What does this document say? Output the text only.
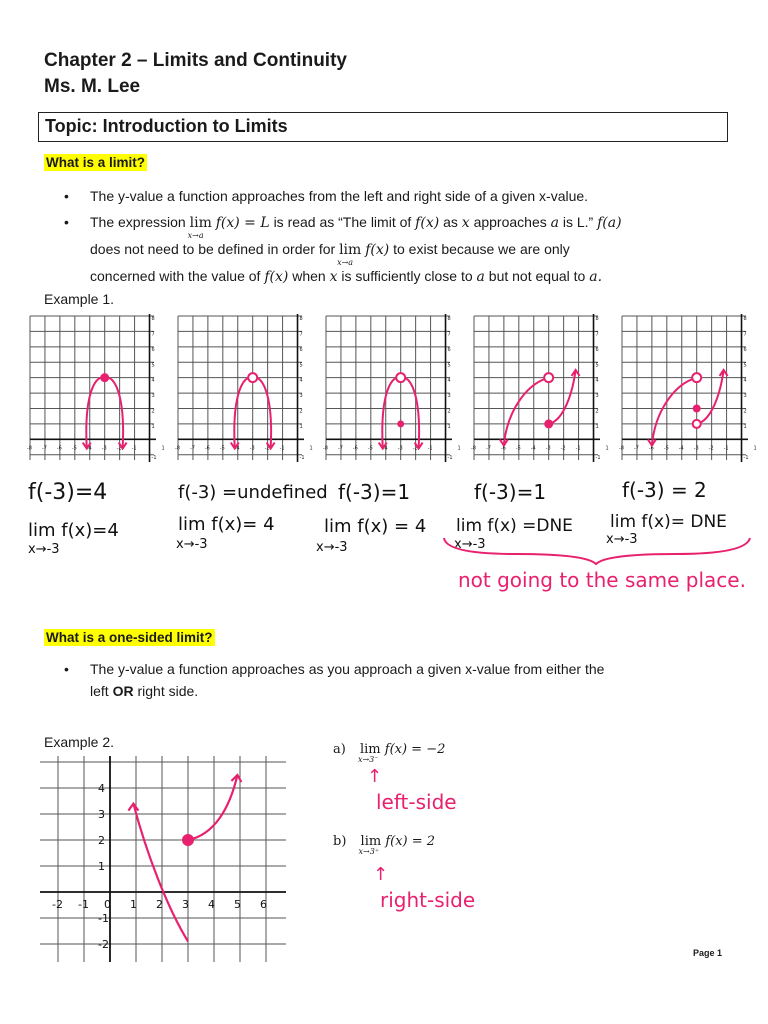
Chapter 2 – Limits and Continuity
Ms. M. Lee
Topic: Introduction to Limits
What is a limit?
• The y-value a function approaches from the left and right side of a given x-value.
• The expression lim
x→a
f(x) = L is read as “The limit of f(x) as x approaches a is L.” f(a)
does not need to be defined in order for lim
x→a
f(x) to exist because we are only
concerned with the value of f(x) when x is sufficiently close to a but not equal to a.
Example 1.
-8 -7 -6 -5 -4 -3 -2 -1	1
8
7
6
5
4
3
2
1
-1
-8 -7 -6 -5 -4 -3 -2 -1	1
8
7
6
5
4
3
2
1
-1
-8 -7 -6 -5 -4 -3 -2 -1	1
8
7
6
5
4
3
2
1
-1
-8 -7 -6 -5 -4 -3 -2 -1	1
8
7
6
5
4
3
2
1
-1
-8 -7 -6 -5 -4 -3 -2 -1	1
8
7
6
5
4
3
2
1
-1
f(-3)=4
lim f(x)=4
x→-3
f(-3) =undefined
lim f(x)= 4
x→-3
f(-3)=1
lim f(x) = 4
x→-3
f(-3)=1
lim f(x) =DNE
x→-3
f(-3) = 2
lim f(x)= DNE
x→-3
not going to the same place.
What is a one-sided limit?
• The y-value a function approaches as you approach a given x-value from either the
left OR right side.
Example 2.
-2 -1 0 1 2 3 4 5 6
4
3
2
1
-1
-2
a) lim
x→3⁻
f(x) = −2
↑
left-side
b) lim
x→3⁺
f(x) = 2
↑
right-side
Page 1
